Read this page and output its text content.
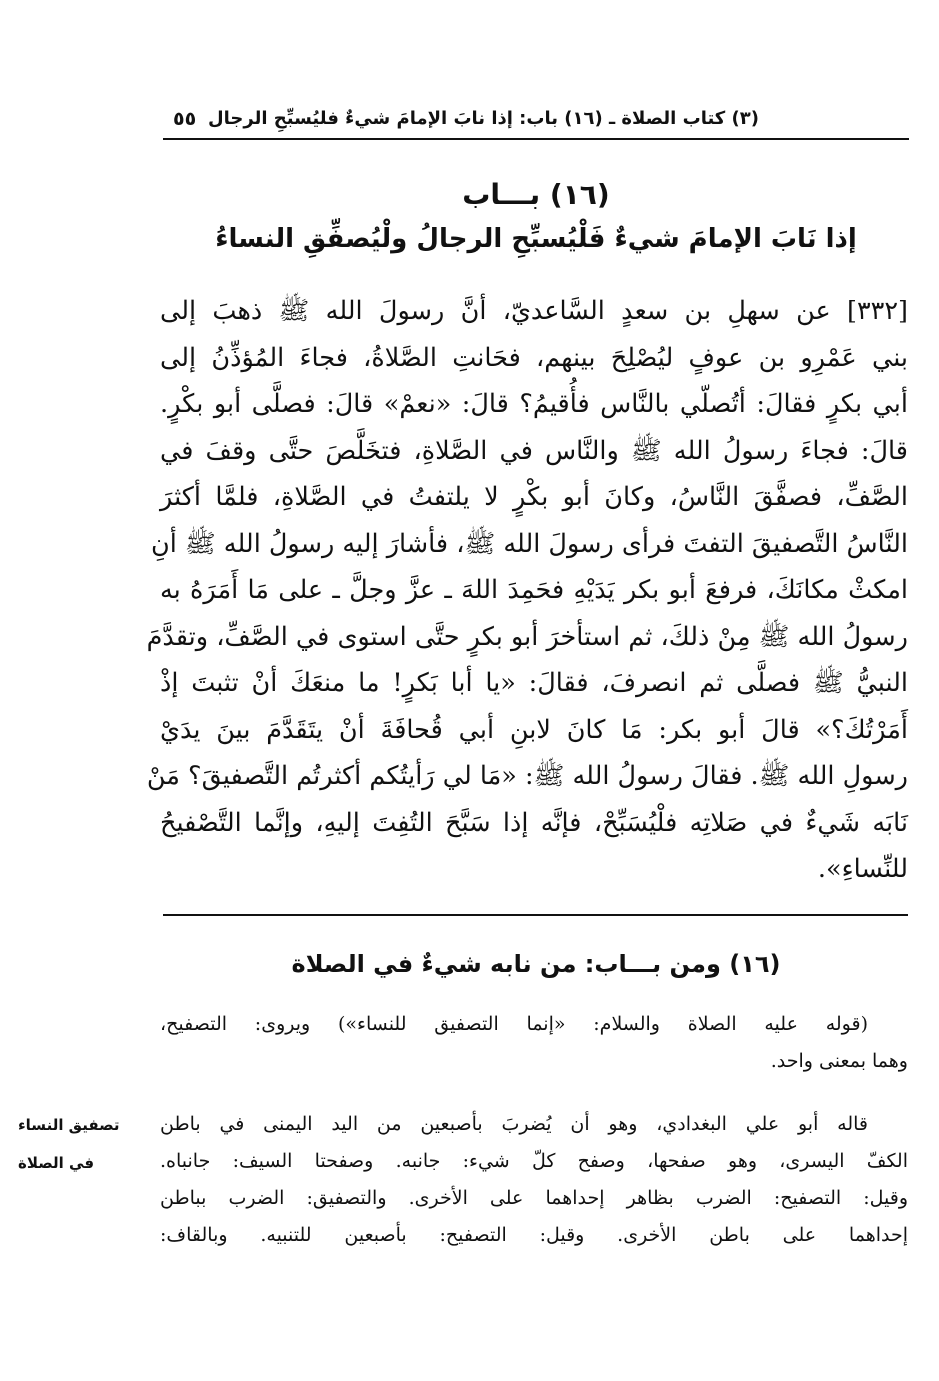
(٣) كتاب الصلاة ـ (١٦) باب: إذا نابَ الإمامَ شيءٌ فليُسبِّحِ الرجال
٥٥
(١٦) بـــاب
إذا نَابَ الإمامَ شيءٌ فَلْيُسبِّحِ الرجالُ ولْيُصفِّقِ النساءُ
[٣٣٢] عن سهلِ بن سعدٍ السَّاعديّ، أنَّ رسولَ الله ﷺ ذهبَ إلى
بني عَمْرِو بن عوفٍ ليُصْلِحَ بينهم، فحَانتِ الصَّلاةُ، فجاءَ المُؤذِّنُ إلى
أبي بكرٍ فقالَ: أتُصلّي بالنَّاس فأُقيمُ؟ قالَ: «نعمْ» قالَ: فصلَّى أبو بكْرٍ.
قالَ: فجاءَ رسولُ الله ﷺ والنَّاس في الصَّلاةِ، فتخَلَّصَ حتَّى وقفَ في
الصَّفِّ، فصفَّقَ النَّاسُ، وكانَ أبو بكْرٍ لا يلتفتُ في الصَّلاةِ، فلمَّا أكثرَ
النَّاسُ التَّصفيقَ التفتَ فرأى رسولَ الله ﷺ، فأشارَ إليه رسولُ الله ﷺ أنِ
امكثْ مكانَكَ، فرفعَ أبو بكر يَدَيْهِ فحَمِدَ اللهَ ـ عزَّ وجلَّ ـ على مَا أَمَرَهُ به
رسولُ الله ﷺ مِنْ ذلكَ، ثم استأخرَ أبو بكرٍ حتَّى استوى في الصَّفِّ، وتقدَّمَ
النبيُّ ﷺ فصلَّى ثم انصرفَ، فقالَ: «يا أبا بَكرٍ! ما منعَكَ أنْ تثبتَ إذْ
أَمَرْتُكَ؟» قالَ أبو بكر: مَا كانَ لابنِ أبي قُحافَةَ أنْ يتَقَدَّمَ بينَ يدَيْ
رسولِ الله ﷺ. فقالَ رسولُ الله ﷺ: «مَا لي رَأيتُكم أكثرتُم التَّصفيقَ؟ مَنْ
نَابَه شَيءٌ في صَلاتِه فلْيُسَبِّحْ، فإنَّه إذا سَبَّحَ التُفِتَ إليهِ، وإنَّما التَّصْفيحُ
للنِّساءِ».
(١٦) ومن بـــاب: من نابه شيءٌ في الصلاة
(قوله عليه الصلاة والسلام: «إنما التصفيق للنساء») ويروى: التصفيح،
وهما بمعنى واحد.
قاله أبو علي البغدادي، وهو أن يُضربَ بأصبعين من اليد اليمنى في باطن
الكفّ اليسرى، وهو صفحها، وصفح كلّ شيء: جانبه. وصفحتا السيف: جانباه.
وقيل: التصفيح: الضرب بظاهر إحداهما على الأخرى. والتصفيق: الضرب بباطن
إحداهما على باطن الأخرى. وقيل: التصفيح: بأصبعين للتنبيه. وبالقاف:
تصفيق النساء
في الصلاة
